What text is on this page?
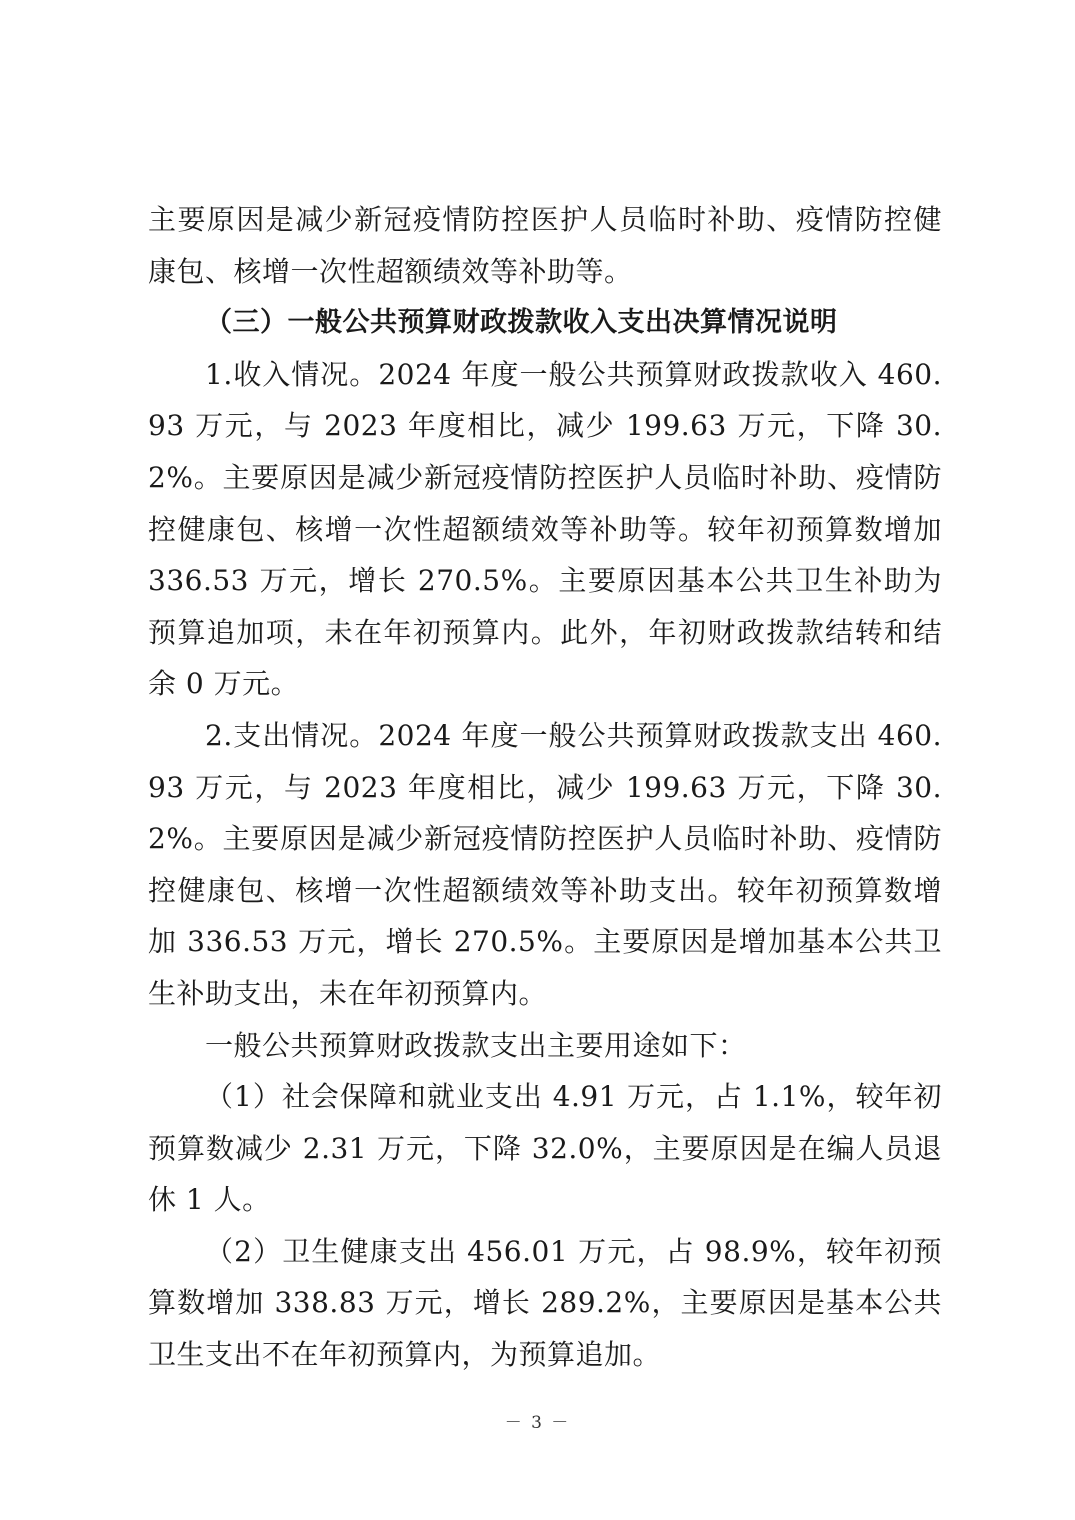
主要原因是减少新冠疫情防控医护人员临时补助、疫情防控健康包、核增一次性超额绩效等补助等。

（三）一般公共预算财政拨款收入支出决算情况说明

1.收入情况。2024 年度一般公共预算财政拨款收入 460.93 万元，与 2023 年度相比，减少 199.63 万元，下降 30.2%。主要原因是减少新冠疫情防控医护人员临时补助、疫情防控健康包、核增一次性超额绩效等补助等。较年初预算数增加 336.53 万元，增长 270.5%。主要原因基本公共卫生补助为预算追加项，未在年初预算内。此外，年初财政拨款结转和结余 0 万元。

2.支出情况。2024 年度一般公共预算财政拨款支出 460.93 万元，与 2023 年度相比，减少 199.63 万元，下降 30.2%。主要原因是减少新冠疫情防控医护人员临时补助、疫情防控健康包、核增一次性超额绩效等补助支出。较年初预算数增加 336.53 万元，增长 270.5%。主要原因是增加基本公共卫生补助支出，未在年初预算内。

一般公共预算财政拨款支出主要用途如下：

（1）社会保障和就业支出 4.91 万元，占 1.1%，较年初预算数减少 2.31 万元，下降 32.0%，主要原因是在编人员退休 1 人。

（2）卫生健康支出 456.01 万元，占 98.9%，较年初预算数增加 338.83 万元，增长 289.2%，主要原因是基本公共卫生支出不在年初预算内，为预算追加。

－ 3 －
